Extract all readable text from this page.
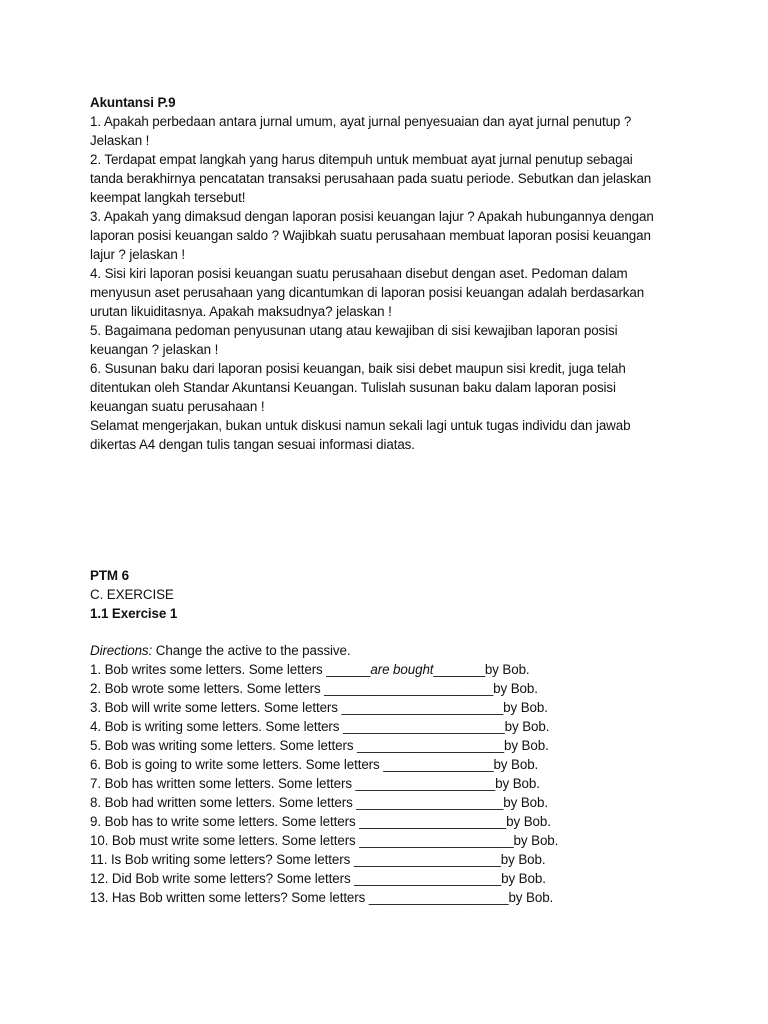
Akuntansi P.9
1. Apakah perbedaan antara jurnal umum, ayat jurnal penyesuaian dan ayat jurnal penutup ?
Jelaskan !
2. Terdapat empat langkah yang harus ditempuh untuk membuat ayat jurnal penutup sebagai
tanda berakhirnya pencatatan transaksi perusahaan pada suatu periode. Sebutkan dan jelaskan
keempat langkah tersebut!
3. Apakah yang dimaksud dengan laporan posisi keuangan lajur ? Apakah hubungannya dengan
laporan posisi keuangan saldo ? Wajibkah suatu perusahaan membuat laporan posisi keuangan
lajur ? jelaskan !
4. Sisi kiri laporan posisi keuangan suatu perusahaan disebut dengan aset. Pedoman dalam
menyusun aset perusahaan yang dicantumkan di laporan posisi keuangan adalah berdasarkan
urutan likuiditasnya. Apakah maksudnya? jelaskan !
5. Bagaimana pedoman penyusunan utang atau kewajiban di sisi kewajiban laporan posisi
keuangan ? jelaskan !
6. Susunan baku dari laporan posisi keuangan, baik sisi debet maupun sisi kredit, juga telah
ditentukan oleh Standar Akuntansi Keuangan. Tulislah susunan baku dalam laporan posisi
keuangan suatu perusahaan !
Selamat mengerjakan, bukan untuk diskusi namun sekali lagi untuk tugas individu dan jawab
dikertas A4 dengan tulis tangan sesuai informasi diatas.
PTM 6
C. EXERCISE
1.1 Exercise 1
Directions: Change the active to the passive.
1. Bob writes some letters. Some letters ______are bought_______by Bob.
2. Bob wrote some letters. Some letters _______________________by Bob.
3. Bob will write some letters. Some letters ______________________by Bob.
4. Bob is writing some letters. Some letters ______________________by Bob.
5. Bob was writing some letters. Some letters ____________________by Bob.
6. Bob is going to write some letters. Some letters _______________by Bob.
7. Bob has written some letters. Some letters ___________________by Bob.
8. Bob had written some letters. Some letters ____________________by Bob.
9. Bob has to write some letters. Some letters ____________________by Bob.
10. Bob must write some letters. Some letters _____________________by Bob.
11. Is Bob writing some letters? Some letters ____________________by Bob.
12. Did Bob write some letters? Some letters ____________________by Bob.
13. Has Bob written some letters? Some letters ___________________by Bob.
